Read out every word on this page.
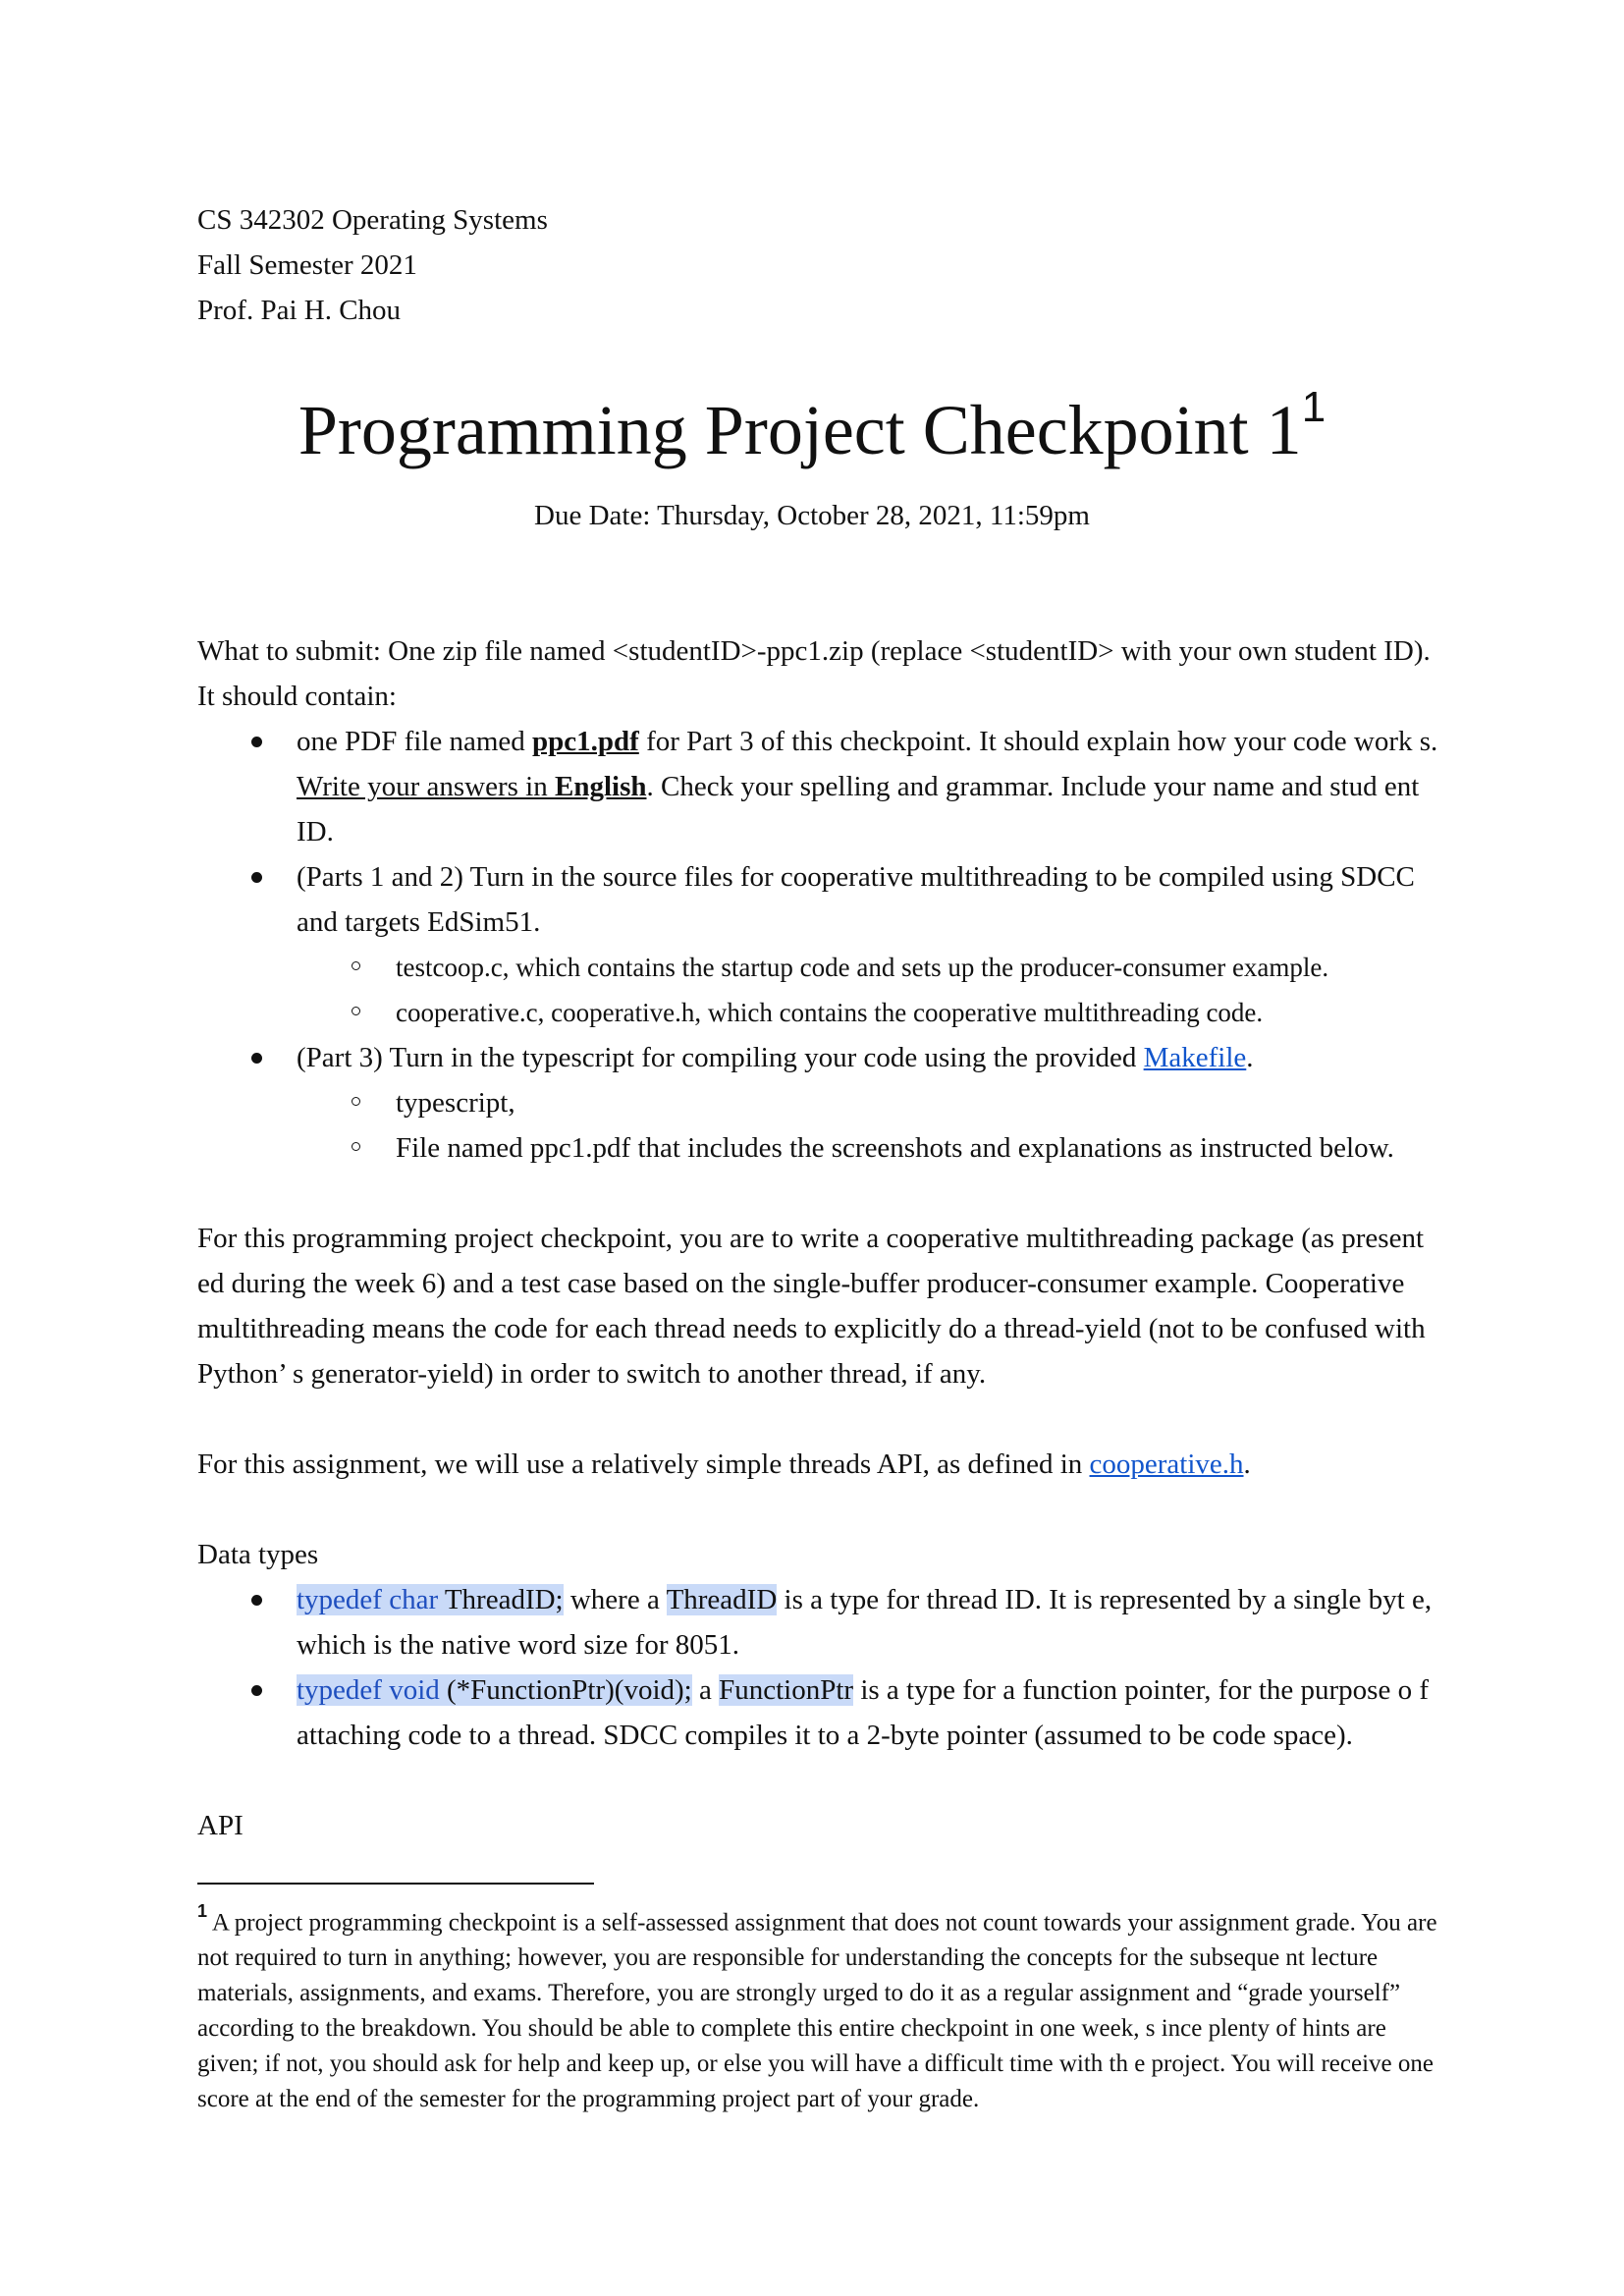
CS 342302 Operating Systems
Fall Semester 2021
Prof. Pai H. Chou
Programming Project Checkpoint $1^1$
Due Date: Thursday, October 28, 2021, 11:59pm
What to submit: One zip file named <studentID>-ppc1.zip (replace <studentID> with your own student ID).
It should contain:
one PDF file named ppc1.pdf for Part 3 of this checkpoint. It should explain how your code work s. Write your answers in English. Check your spelling and grammar. Include your name and stud ent ID.
(Parts 1 and 2) Turn in the source files for cooperative multithreading to be compiled using SDCC and targets EdSim51.
testcoop.c, which contains the startup code and sets up the producer-consumer example.
cooperative.c, cooperative.h, which contains the cooperative multithreading code.
(Part 3) Turn in the typescript for compiling your code using the provided Makefile.
typescript,
File named ppc1.pdf that includes the screenshots and explanations as instructed below.

For this programming project checkpoint, you are to write a cooperative multithreading package (as present ed during the week 6) and a test case based on the single-buffer producer-consumer example. Cooperative multithreading means the code for each thread needs to explicitly do a thread-yield (not to be confused with Python’ s generator-yield) in order to switch to another thread, if any.

For this assignment, we will use a relatively simple threads API, as defined in cooperative.h.

Data types

typedef char ThreadID; where a ThreadID is a type for thread ID. It is represented by a single byt e, which is the native word size for 8051.
typedef void (*FunctionPtr)(void); a FunctionPtr is a type for a function pointer, for the purpose o f attaching code to a thread. SDCC compiles it to a 2-byte pointer (assumed to be code space).

API

$^1$ A project programming checkpoint is a self-assessed assignment that does not count towards your assignment grade. You are not required to turn in anything; however, you are responsible for understanding the concepts for the subseque nt lecture materials, assignments, and exams. Therefore, you are strongly urged to do it as a regular assignment and “grade yourself” according to the breakdown. You should be able to complete this entire checkpoint in one week, s ince plenty of hints are given; if not, you should ask for help and keep up, or else you will have a difficult time with th e project. You will receive one score at the end of the semester for the programming project part of your grade.
